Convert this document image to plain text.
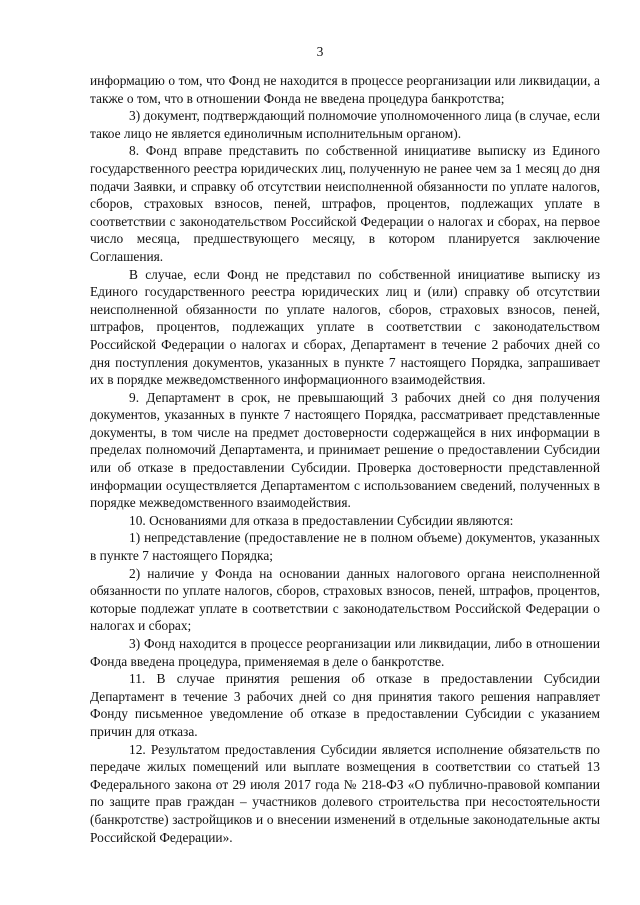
3

информацию о том, что Фонд не находится в процессе реорганизации или ликвидации, а также о том, что в отношении Фонда не введена процедура банкротства;

3) документ, подтверждающий полномочие уполномоченного лица (в случае, если такое лицо не является единоличным исполнительным органом).

8. Фонд вправе представить по собственной инициативе выписку из Единого государственного реестра юридических лиц, полученную не ранее чем за 1 месяц до дня подачи Заявки, и справку об отсутствии неисполненной обязанности по уплате налогов, сборов, страховых взносов, пеней, штрафов, процентов, подлежащих уплате в соответствии с законодательством Российской Федерации о налогах и сборах, на первое число месяца, предшествующего месяцу, в котором планируется заключение Соглашения.

В случае, если Фонд не представил по собственной инициативе выписку из Единого государственного реестра юридических лиц и (или) справку об отсутствии неисполненной обязанности по уплате налогов, сборов, страховых взносов, пеней, штрафов, процентов, подлежащих уплате в соответствии с законодательством Российской Федерации о налогах и сборах, Департамент в течение 2 рабочих дней со дня поступления документов, указанных в пункте 7 настоящего Порядка, запрашивает их в порядке межведомственного информационного взаимодействия.

9. Департамент в срок, не превышающий 3 рабочих дней со дня получения документов, указанных в пункте 7 настоящего Порядка, рассматривает представленные документы, в том числе на предмет достоверности содержащейся в них информации в пределах полномочий Департамента, и принимает решение о предоставлении Субсидии или об отказе в предоставлении Субсидии. Проверка достоверности представленной информации осуществляется Департаментом с использованием сведений, полученных в порядке межведомственного взаимодействия.

10. Основаниями для отказа в предоставлении Субсидии являются:

1) непредставление (предоставление не в полном объеме) документов, указанных в пункте 7 настоящего Порядка;

2) наличие у Фонда на основании данных налогового органа неисполненной обязанности по уплате налогов, сборов, страховых взносов, пеней, штрафов, процентов, которые подлежат уплате в соответствии с законодательством Российской Федерации о налогах и сборах;

3) Фонд находится в процессе реорганизации или ликвидации, либо в отношении Фонда введена процедура, применяемая в деле о банкротстве.

11. В случае принятия решения об отказе в предоставлении Субсидии Департамент в течение 3 рабочих дней со дня принятия такого решения направляет Фонду письменное уведомление об отказе в предоставлении Субсидии с указанием причин для отказа.

12. Результатом предоставления Субсидии является исполнение обязательств по передаче жилых помещений или выплате возмещения в соответствии со статьей 13 Федерального закона от 29 июля 2017 года № 218-ФЗ «О публично-правовой компании по защите прав граждан – участников долевого строительства при несостоятельности (банкротстве) застройщиков и о внесении изменений в отдельные законодательные акты Российской Федерации».
